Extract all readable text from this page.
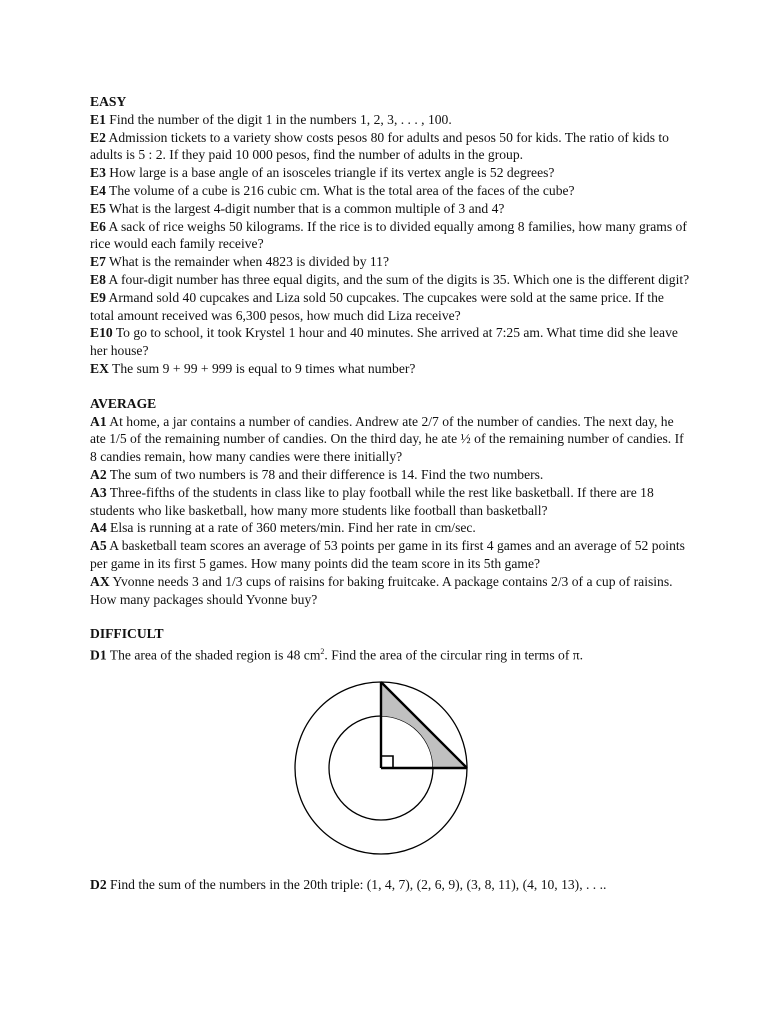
EASY

E1 Find the number of the digit 1 in the numbers 1, 2, 3, . . . , 100.

E2 Admission tickets to a variety show costs pesos 80 for adults and pesos 50 for kids. The ratio of kids to adults is 5 : 2. If they paid 10 000 pesos, find the number of adults in the group.

E3 How large is a base angle of an isosceles triangle if its vertex angle is 52 degrees?

E4 The volume of a cube is 216 cubic cm. What is the total area of the faces of the cube?

E5 What is the largest 4-digit number that is a common multiple of 3 and 4?

E6 A sack of rice weighs 50 kilograms. If the rice is to divided equally among 8 families, how many grams of rice would each family receive?

E7 What is the remainder when 4823 is divided by 11?

E8 A four-digit number has three equal digits, and the sum of the digits is 35. Which one is the different digit?

E9 Armand sold 40 cupcakes and Liza sold 50 cupcakes. The cupcakes were sold at the same price. If the total amount received was 6,300 pesos, how much did Liza receive?

E10 To go to school, it took Krystel 1 hour and 40 minutes. She arrived at 7:25 am. What time did she leave her house?

EX The sum 9 + 99 + 999 is equal to 9 times what number?

AVERAGE

A1 At home, a jar contains a number of candies. Andrew ate 2/7 of the number of candies. The next day, he ate 1/5 of the remaining number of candies. On the third day, he ate ½ of the remaining number of candies. If 8 candies remain, how many candies were there initially?

A2 The sum of two numbers is 78 and their difference is 14. Find the two numbers.

A3 Three-fifths of the students in class like to play football while the rest like basketball. If there are 18 students who like basketball, how many more students like football than basketball?

A4 Elsa is running at a rate of 360 meters/min. Find her rate in cm/sec.

A5 A basketball team scores an average of 53 points per game in its first 4 games and an average of 52 points per game in its first 5 games. How many points did the team score in its 5th game?

AX Yvonne needs 3 and 1/3 cups of raisins for baking fruitcake. A package contains 2/3 of a cup of raisins. How many packages should Yvonne buy?

DIFFICULT

D1 The area of the shaded region is 48 $cm^2$. Find the area of the circular ring in terms of π.

D2 Find the sum of the numbers in the 20th triple: (1, 4, 7), (2, 6, 9), (3, 8, 11), (4, 10, 13), . . ..
